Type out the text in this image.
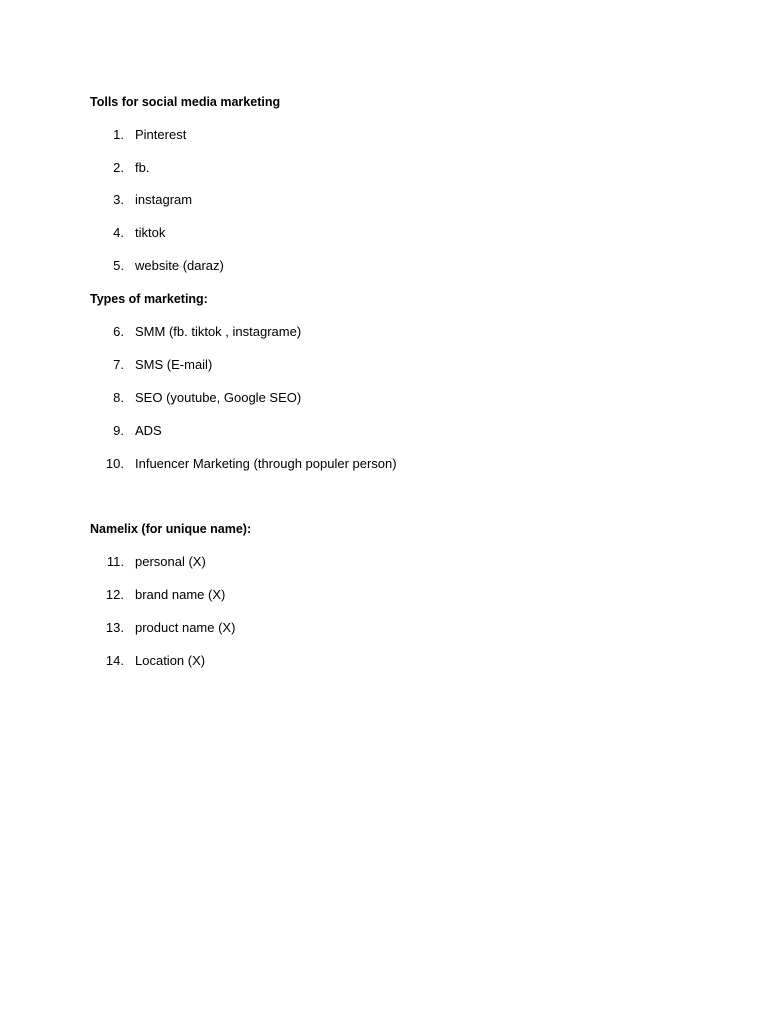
Tolls for social media marketing
1. Pinterest
2. fb.
3. instagram
4. tiktok
5. website (daraz)
Types of marketing:
6. SMM (fb. tiktok , instagrame)
7. SMS (E-mail)
8. SEO (youtube, Google SEO)
9. ADS
10. Infuencer Marketing (through populer person)
Namelix (for unique name):
11. personal (X)
12. brand name (X)
13. product name (X)
14. Location (X)
